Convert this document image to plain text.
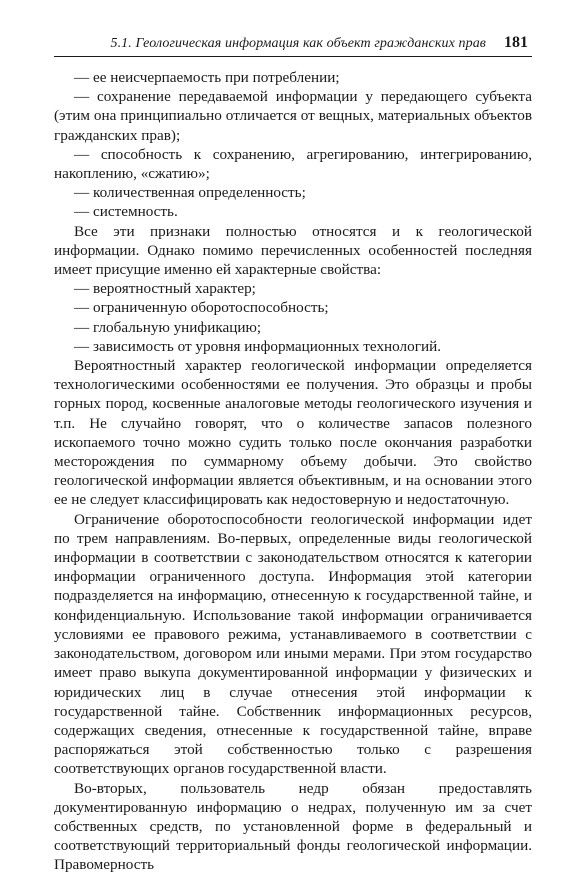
5.1. Геологическая информация как объект гражданских прав	181

— ее неисчерпаемость при потреблении;

— сохранение передаваемой информации у передающего субъекта (этим она принципиально отличается от вещных, материальных объектов гражданских прав);

— способность к сохранению, агрегированию, интегрированию, накоплению, «сжатию»;

— количественная определенность;

— системность.

Все эти признаки полностью относятся и к геологической информации. Однако помимо перечисленных особенностей последняя имеет присущие именно ей характерные свойства:

— вероятностный характер;

— ограниченную оборотоспособность;

— глобальную унификацию;

— зависимость от уровня информационных технологий.

Вероятностный характер геологической информации определяется технологическими особенностями ее получения. Это образцы и пробы горных пород, косвенные аналоговые методы геологического изучения и т.п. Не случайно говорят, что о количестве запасов полезного ископаемого точно можно судить только после окончания разработки месторождения по суммарному объему добычи. Это свойство геологической информации является объективным, и на основании этого ее не следует классифицировать как недостоверную и недостаточную.

Ограничение оборотоспособности геологической информации идет по трем направлениям. Во-первых, определенные виды геологической информации в соответствии с законодательством относятся к категории информации ограниченного доступа. Информация этой категории подразделяется на информацию, отнесенную к государственной тайне, и конфиденциальную. Использование такой информации ограничивается условиями ее правового режима, устанавливаемого в соответствии с законодательством, договором или иными мерами. При этом государство имеет право выкупа документированной информации у физических и юридических лиц в случае отнесения этой информации к государственной тайне. Собственник информационных ресурсов, содержащих сведения, отнесенные к государственной тайне, вправе распоряжаться этой собственностью только с разрешения соответствующих органов государственной власти.

Во-вторых, пользователь недр обязан предоставлять документированную информацию о недрах, полученную им за счет собственных средств, по установленной форме в федеральный и соответствующий территориальный фонды геологической информации. Правомерность
